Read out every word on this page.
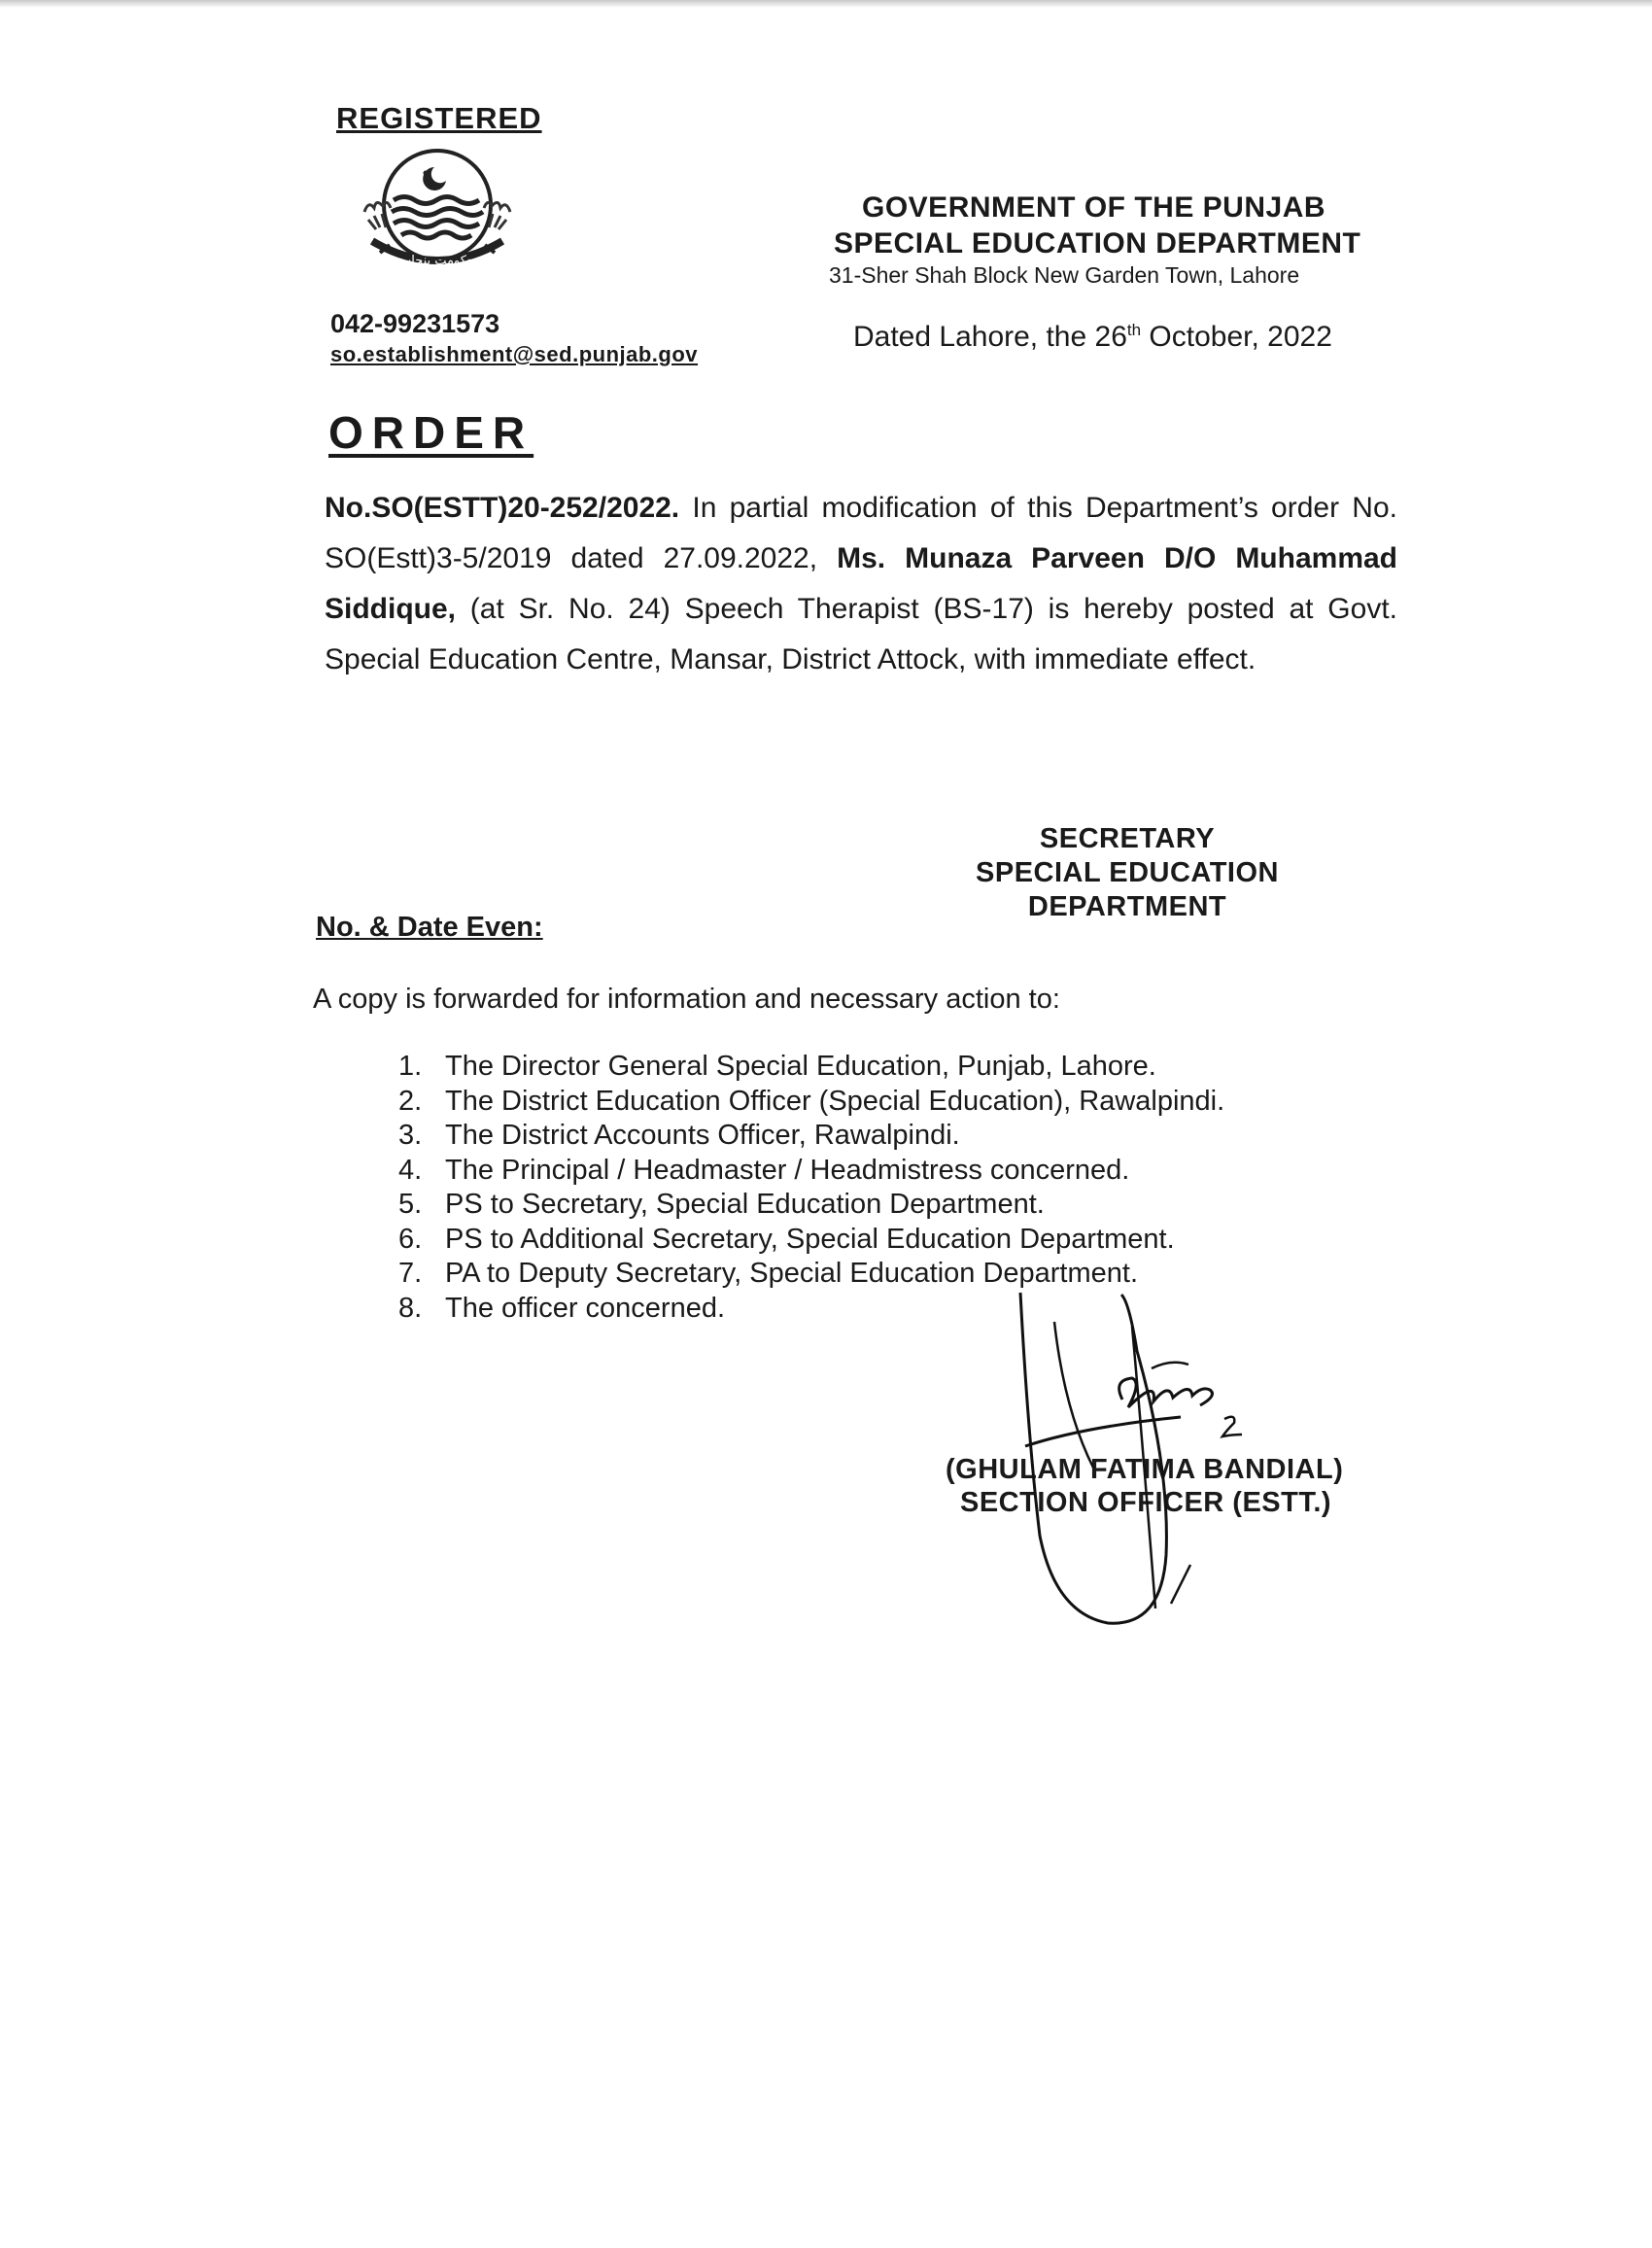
REGISTERED
حکومت پنجاب
042-99231573
so.establishment@sed.punjab.gov
GOVERNMENT OF THE PUNJAB
SPECIAL EDUCATION DEPARTMENT
31-Sher Shah Block New Garden Town, Lahore
Dated Lahore, the 26th October, 2022
ORDER
No.SO(ESTT)20-252/2022. In partial modification of this Department’s order No. SO(Estt)3-5/2019 dated 27.09.2022, Ms. Munaza Parveen D/O Muhammad Siddique, (at Sr. No. 24) Speech Therapist (BS-17) is hereby posted at Govt. Special Education Centre, Mansar, District Attock, with immediate effect.
SECRETARY
SPECIAL EDUCATION
DEPARTMENT
No. & Date Even:
A copy is forwarded for information and necessary action to:
1. The Director General Special Education, Punjab, Lahore.
2. The District Education Officer (Special Education), Rawalpindi.
3. The District Accounts Officer, Rawalpindi.
4. The Principal / Headmaster / Headmistress concerned.
5. PS to Secretary, Special Education Department.
6. PS to Additional Secretary, Special Education Department.
7. PA to Deputy Secretary, Special Education Department.
8. The officer concerned.
(GHULAM FATIMA BANDIAL)
SECTION OFFICER (ESTT.)
